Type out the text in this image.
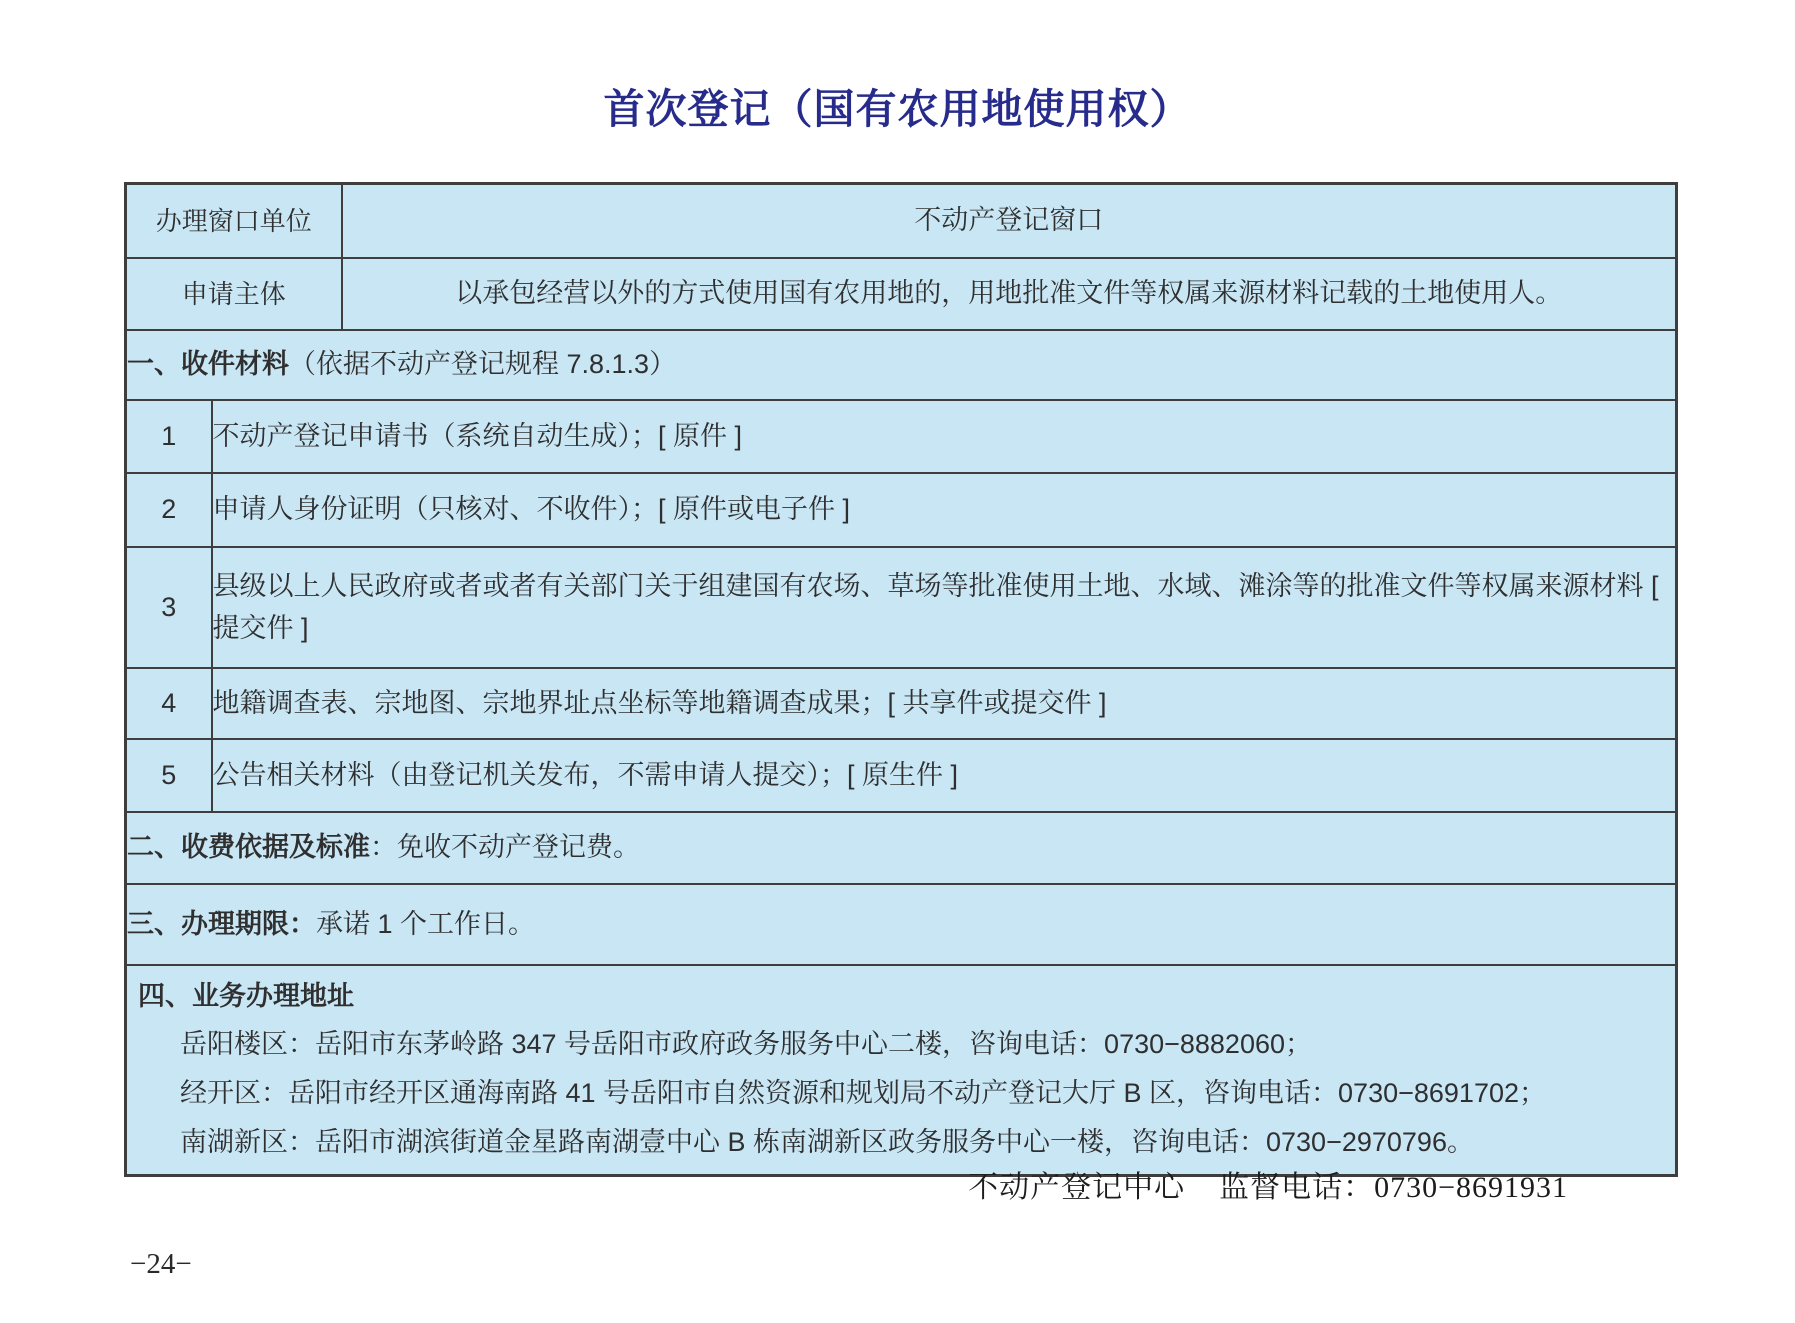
首次登记（国有农用地使用权）
办理窗口单位		不动产登记窗口
申请主体		以承包经营以外的方式使用国有农用地的，用地批准文件等权属来源材料记载的土地使用人。
一、收件材料（依据不动产登记规程 7.8.1.3）		
1	不动产登记申请书（系统自动生成）；[ 原件 ]	
2	申请人身份证明（只核对、不收件）；[ 原件或电子件 ]	
3	县级以上人民政府或者或者有关部门关于组建国有农场、草场等批准使用土地、水域、滩涂等的批准文件等权属来源材料 [ 提交件 ]	
4	地籍调查表、宗地图、宗地界址点坐标等地籍调查成果；[ 共享件或提交件 ]	
5	公告相关材料（由登记机关发布，不需申请人提交）；[ 原生件 ]	
二、收费依据及标准：免收不动产登记费。		
三、办理期限：承诺 1 个工作日。		

四、业务办理地址
岳阳楼区：岳阳市东茅岭路 347 号岳阳市政府政务服务中心二楼，咨询电话：0730−8882060；
经开区：岳阳市经开区通海南路 41 号岳阳市自然资源和规划局不动产登记大厅 B 区，咨询电话：0730−8691702；
南湖新区：岳阳市湖滨街道金星路南湖壹中心 B 栋南湖新区政务服务中心一楼，咨询电话：0730−2970796。		
不动产登记中心 监督电话：0730−8691931
−24−
